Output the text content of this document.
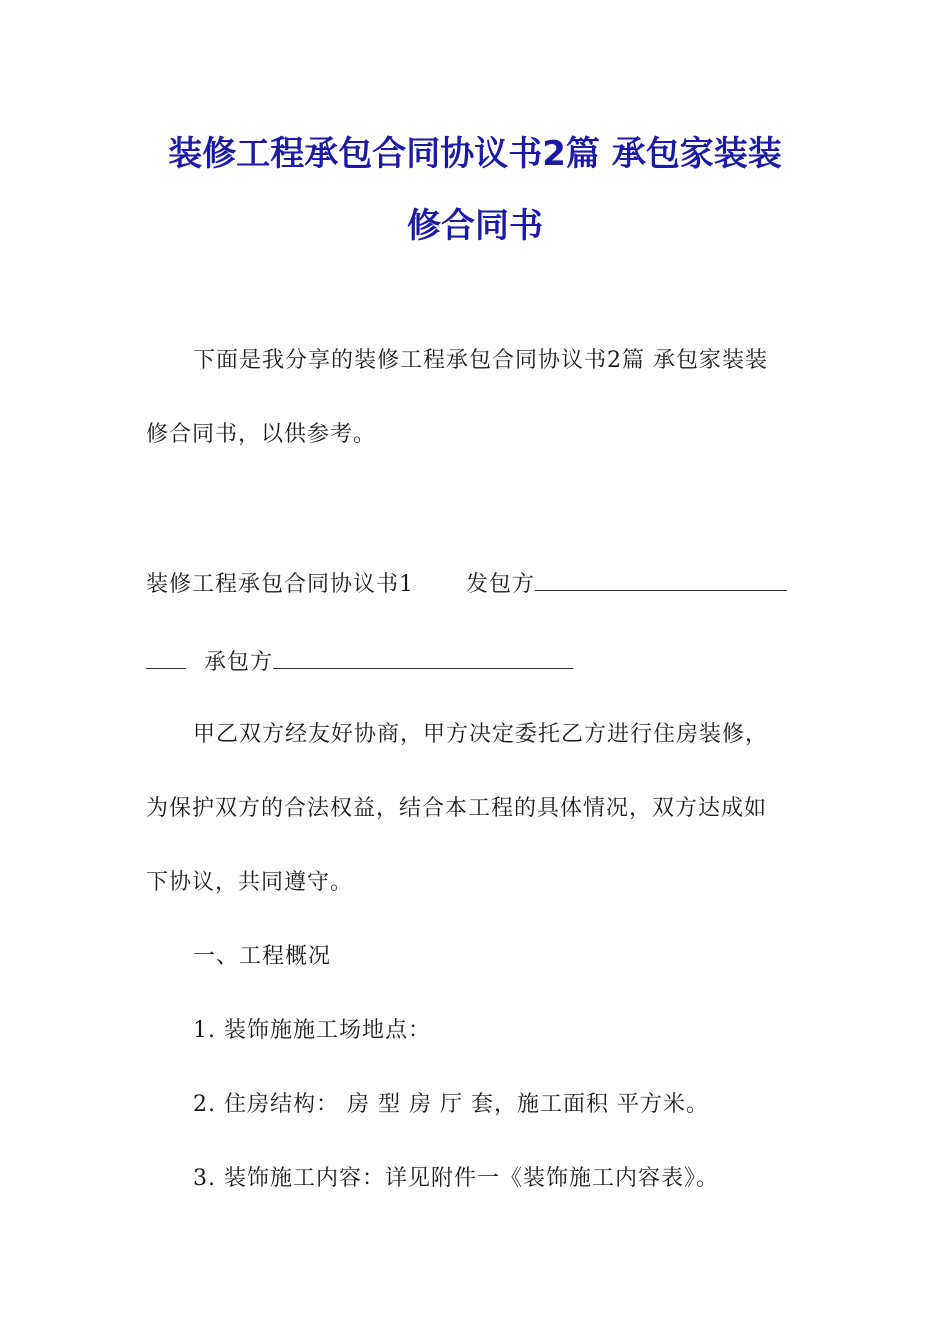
装修工程承包合同协议书2篇 承包家装装
修合同书
下面是我分享的装修工程承包合同协议书2篇 承包家装装
修合同书，以供参考。
装修工程承包合同协议书1 发包方
承包方
甲乙双方经友好协商，甲方决定委托乙方进行住房装修，
为保护双方的合法权益，结合本工程的具体情况，双方达成如
下协议，共同遵守。
一、工程概况
1. 装饰施施工场地点：
2. 住房结构： 房 型 房 厅 套，施工面积 平方米。
3. 装饰施工内容：详见附件一《装饰施工内容表》。
